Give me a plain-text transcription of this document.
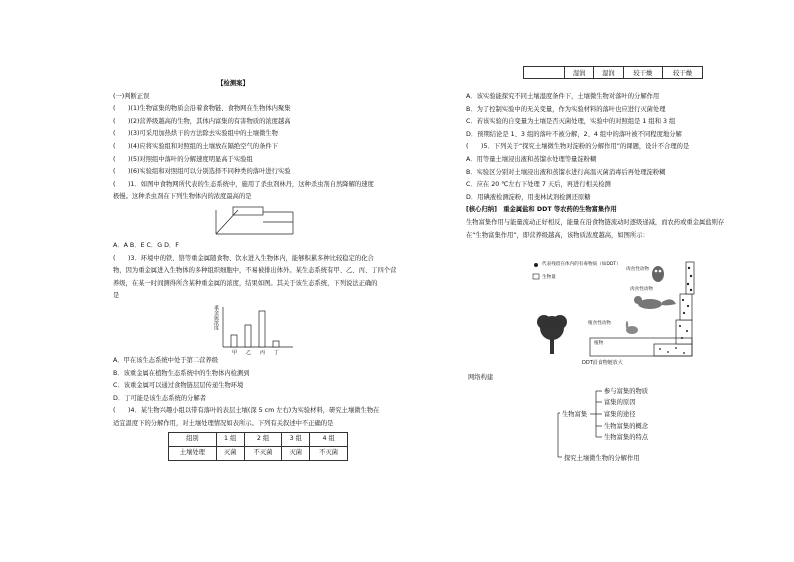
	湿润	湿润	较干燥	较干燥
【检测案】
(一)判断正误
(　　)(1)生物富集的物质会沿着食物链、食物网在生物体内聚集
(　　)(2)营养级越高的生物，其体内富集的有害物质的浓度越高
(　　)(3)可采用加热烘干的方法除去实验组中的土壤微生物
(　　)(4)应将实验组和对照组的土壤放在隔绝空气的条件下
(　　)(5)对照组中落叶的分解速度明显高于实验组
(　　)(6)实验组和对照组可以分别选择不同种类的落叶进行实验
(　　)1．如图中食物网所代表的生态系统中，施用了杀虫剂林丹，这种杀虫剂自然降解的速度
极慢。这种杀虫剂在下列生物体内的浓度最高的是
A．A B．E C．G D．F
(　　)3．环境中的铁、铬等重金属随食物、饮水进入生物体内，能够积累多种比较稳定的化合
物，因为重金属进入生物体的多种组织细胞中，不易被排出体外。某生态系统有甲、乙、丙、丁四个营
养级，在某一时间测得所含某种重金属的浓度，结果如图。其关于该生态系统，下列说法正确的
是
重金属浓度
甲 乙 丙 丁
A．甲在该生态系统中处于第二营养级
B．该重金属在植物生态系统中的生物体内检测到
C．该重金属可以通过食物链层层传递生物环境
D．丁可能是该生态系统的分解者
(　　)4．某生物兴趣小组以带有落叶的表层土壤(深 5 cm 左右)为实验材料，研究土壤微生物在
适宜温度下的分解作用，对土壤处理情况如表所示。下列有关叙述中不正确的是
组别	1 组	2 组	3 组	4 组
土壤处理	灭菌	不灭菌	灭菌	不灭菌
A．该实验能探究不同土壤湿度条件下，土壤微生物对落叶的分解作用
B．为了控制实验中的无关变量，作为实验材料的落叶也应进行灭菌处理
C．若该实验的自变量为土壤是否灭菌处理，实验中的对照组是 1 组和 3 组
D．预期结论是 1、3 组的落叶不被分解，2、4 组中的落叶被不同程度地分解
(　　)5．下列关于“探究土壤微生物对淀粉的分解作用”的课题，设计不合理的是
A．用等量土壤浸出液和蒸馏水处理等量淀粉糊
B．实验区分别对土壤浸出液和蒸馏水进行高温灭菌消毒后再处理淀粉糊
C．应在 20 ℃左右下处理 7 天后，再进行相关检测
D．用碘液检测淀粉，用斐林试剂检测还原糖
[核心归纳]　重金属盐和 DDT 等农药的生物富集作用
生物富集作用与能量流动正好相反，能量在沿食物链流动时逐级递减，而农药或重金属盐则存
在“生物富集作用”，即营养级越高，该物质浓度越高，如图所示：
代表残留在体内的有毒物质（如DDT）
生物量
肉食性动物
肉食性动物
植食性动物
植物
DDT沿食物链放大
网络构建
生物富集
参与富集的物质
富集的原因
富集的途径
生物富集的概念
生物富集的特点
探究土壤微生物的分解作用
